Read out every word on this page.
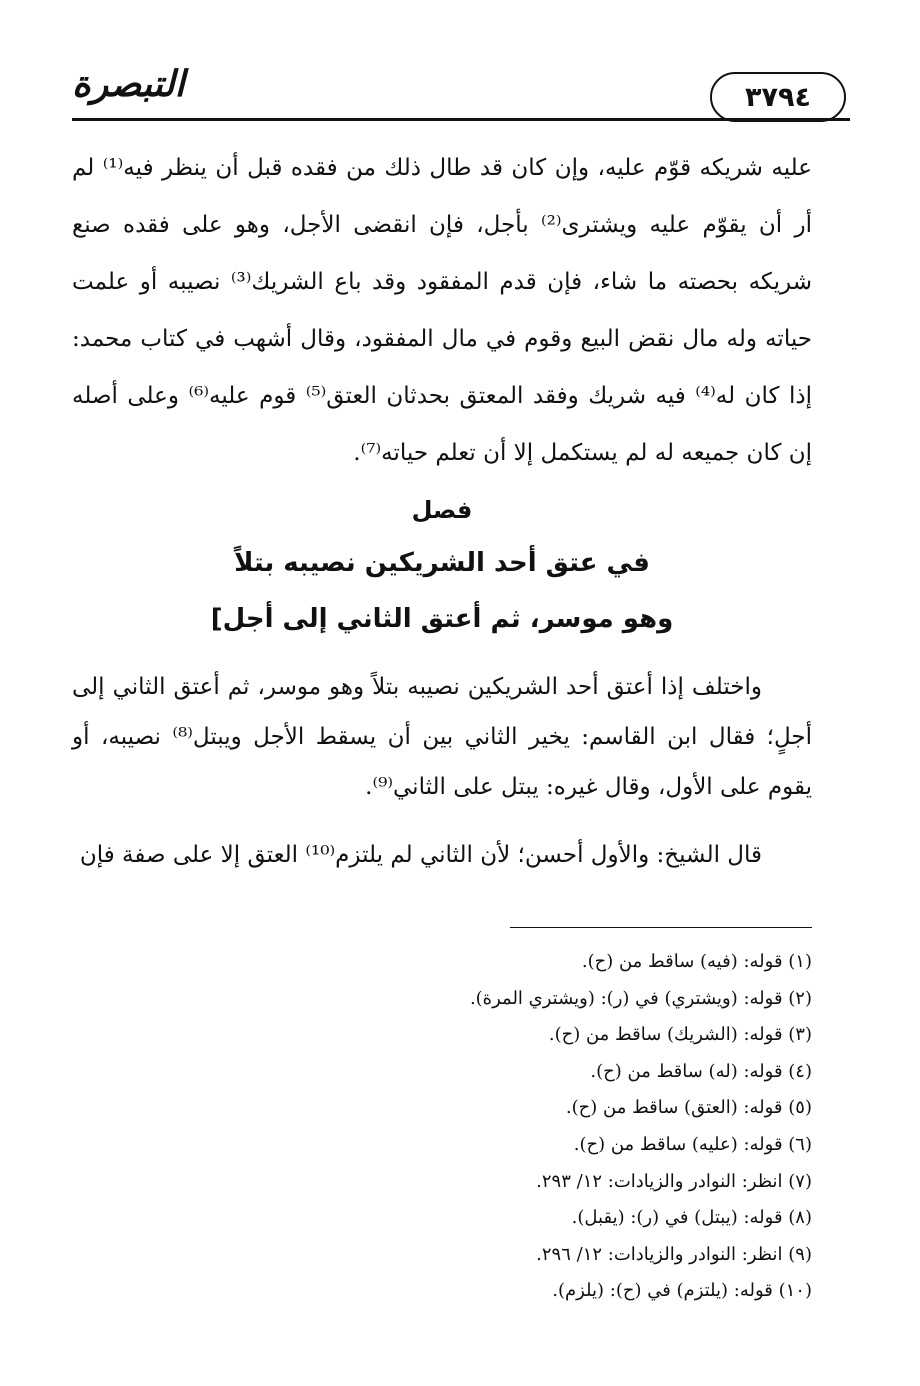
التبصرة	٣٧٩٤

عليه شريكه قوّم عليه، وإن كان قد طال ذلك من فقده قبل أن ينظر فيه⁽¹⁾ لم أر أن يقوّم عليه ويشترى⁽²⁾ بأجل، فإن انقضى الأجل، وهو على فقده صنع شريكه بحصته ما شاء، فإن قدم المفقود وقد باع الشريك⁽³⁾ نصيبه أو علمت حياته وله مال نقض البيع وقوم في مال المفقود، وقال أشهب في كتاب محمد: إذا كان له⁽⁴⁾ فيه شريك وفقد المعتق بحدثان العتق⁽⁵⁾ قوم عليه⁽⁶⁾ وعلى أصله إن كان جميعه له لم يستكمل إلا أن تعلم حياته⁽⁷⁾.

فصل
في عتق أحد الشريكين نصيبه بتلاً
وهو موسر، ثم أعتق الثاني إلى أجل]

واختلف إذا أعتق أحد الشريكين نصيبه بتلاً وهو موسر، ثم أعتق الثاني إلى أجلٍ؛ فقال ابن القاسم: يخير الثاني بين أن يسقط الأجل ويبتل⁽⁸⁾ نصيبه، أو يقوم على الأول، وقال غيره: يبتل على الثاني⁽⁹⁾.

قال الشيخ: والأول أحسن؛ لأن الثاني لم يلتزم⁽¹⁰⁾ العتق إلا على صفة فإن

(١) قوله: (فيه) ساقط من (ح).
(٢) قوله: (ويشتري) في (ر): (ويشتري المرة).
(٣) قوله: (الشريك) ساقط من (ح).
(٤) قوله: (له) ساقط من (ح).
(٥) قوله: (العتق) ساقط من (ح).
(٦) قوله: (عليه) ساقط من (ح).
(٧) انظر: النوادر والزيادات: ١٢/ ٢٩٣.
(٨) قوله: (يبتل) في (ر): (يقبل).
(٩) انظر: النوادر والزيادات: ١٢/ ٢٩٦.
(١٠) قوله: (يلتزم) في (ح): (يلزم).
